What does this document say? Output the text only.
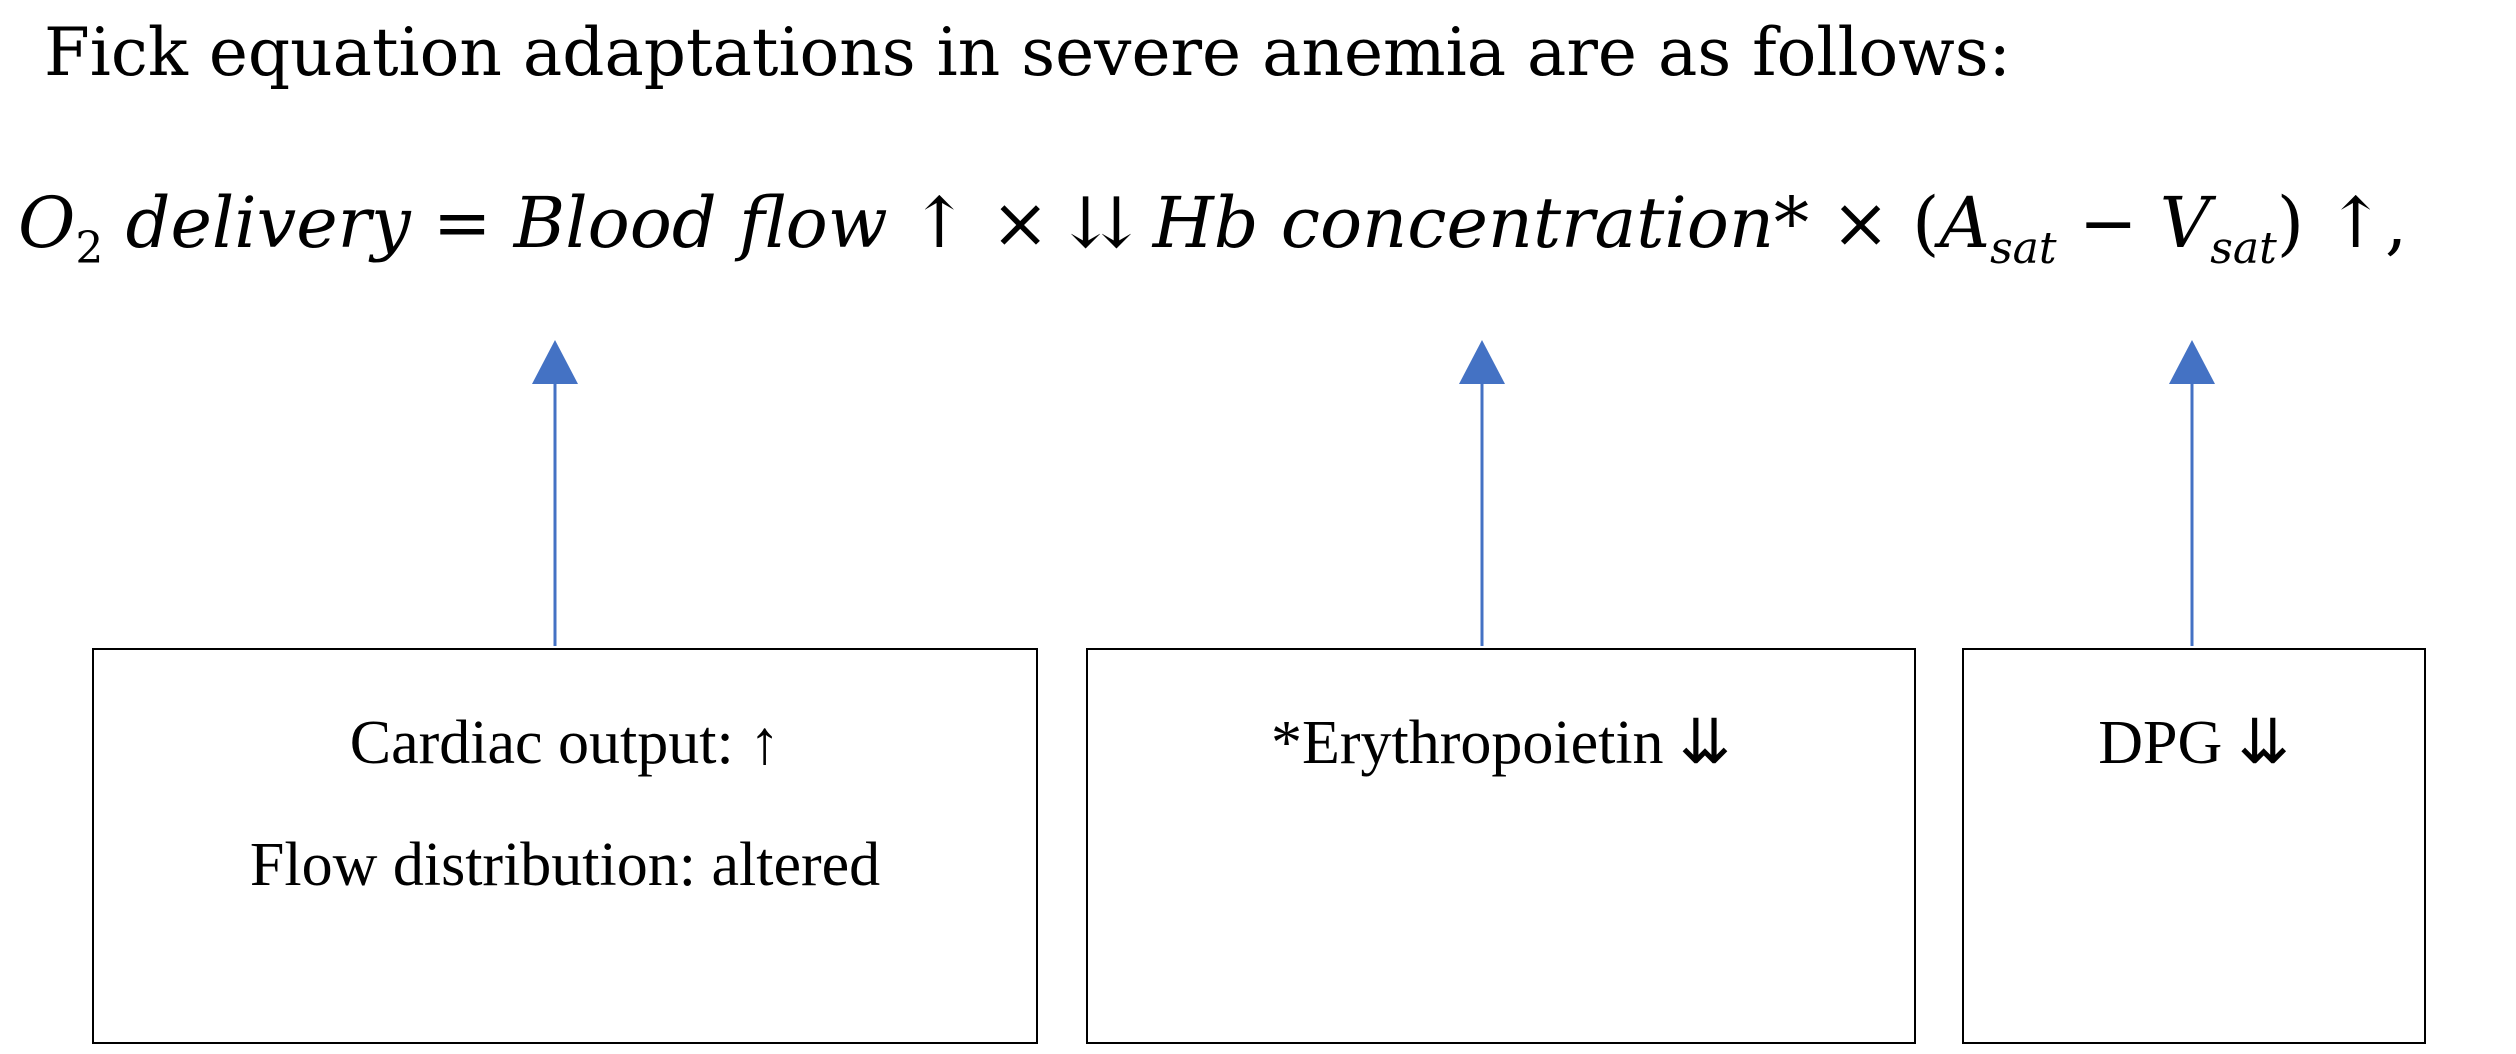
Fick equation adaptations in severe anemia are as follows:
$O_2$ delivery = Blood flow ↑ × ⇊ Hb concentration* × $(A_{sat} - V_{sat})$ ↑,
Cardiac output: ↑
Flow distribution: altered
*Erythropoietin ⇊	DPG ⇊
